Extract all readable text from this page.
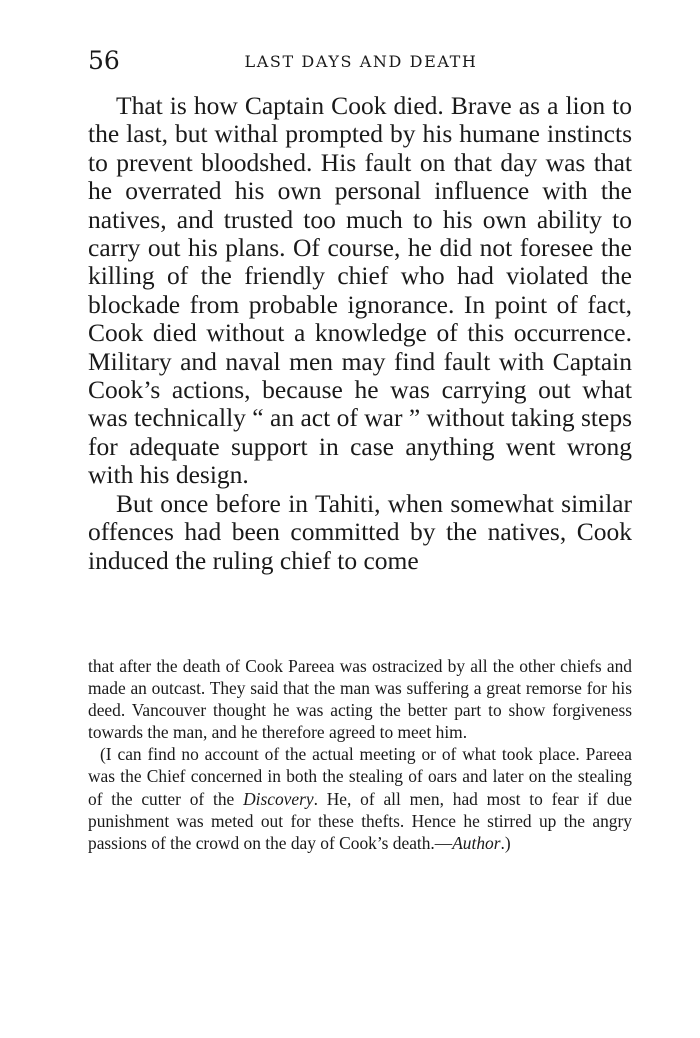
56	LAST DAYS AND DEATH

That is how Captain Cook died. Brave as a lion to the last, but withal prompted by his humane instincts to prevent bloodshed. His fault on that day was that he overrated his own personal influence with the natives, and trusted too much to his own ability to carry out his plans. Of course, he did not foresee the killing of the friendly chief who had violated the blockade from probable ignorance. In point of fact, Cook died without a knowledge of this occurrence. Military and naval men may find fault with Captain Cook’s actions, because he was carrying out what was technically “ an act of war ” without taking steps for adequate support in case anything went wrong with his design.

But once before in Tahiti, when somewhat similar offences had been committed by the natives, Cook induced the ruling chief to come

that after the death of Cook Pareea was ostracized by all the other chiefs and made an outcast. They said that the man was suffering a great remorse for his deed. Vancouver thought he was acting the better part to show forgiveness towards the man, and he therefore agreed to meet him.

(I can find no account of the actual meeting or of what took place. Pareea was the Chief concerned in both the stealing of oars and later on the stealing of the cutter of the Discovery. He, of all men, had most to fear if due punishment was meted out for these thefts. Hence he stirred up the angry passions of the crowd on the day of Cook’s death.—Author.)
